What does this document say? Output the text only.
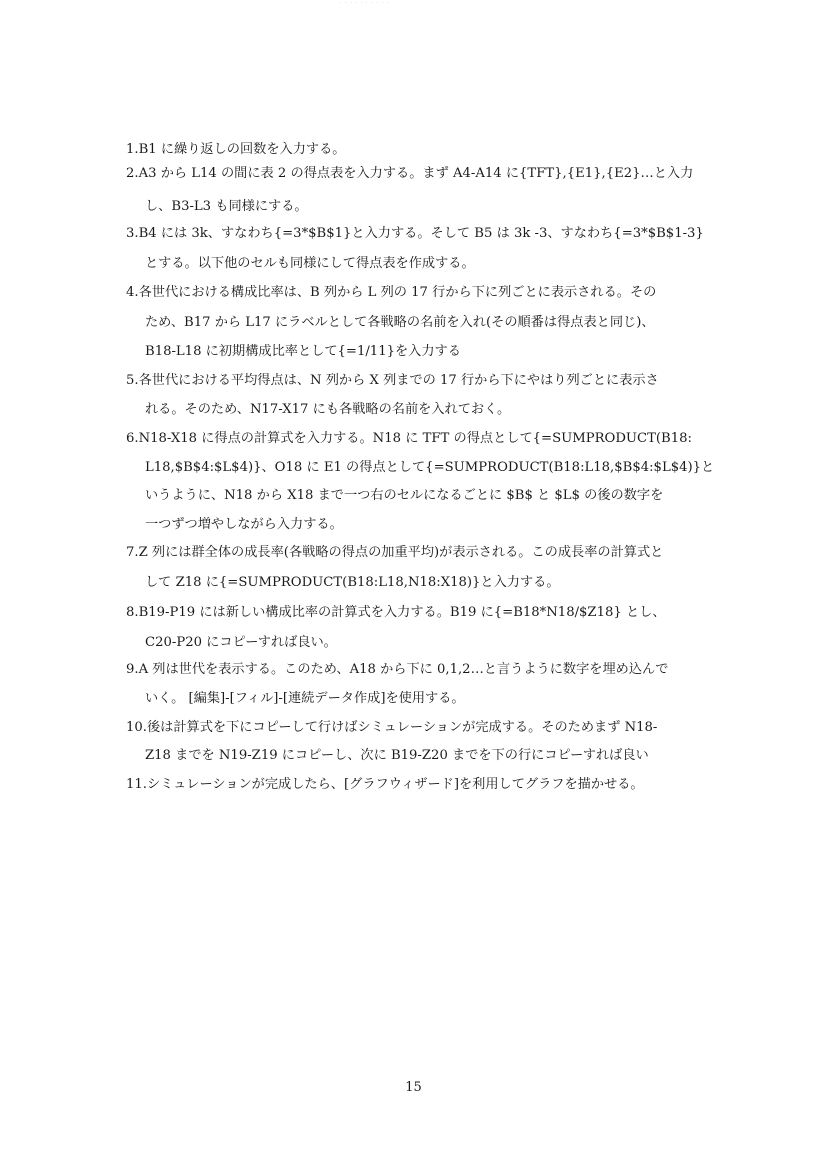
· · · · · · · · · ·
1.B1 に繰り返しの回数を入力する。
2.A3 から L14 の間に表 2 の得点表を入力する。まず A4-A14 に{TFT},{E1},{E2}…と入力
し、B3-L3 も同様にする。
3.B4 には 3k、すなわち{=3*$B$1}と入力する。そして B5 は 3k -3、すなわち{=3*$B$1-3}
とする。以下他のセルも同様にして得点表を作成する。
4.各世代における構成比率は、B 列から L 列の 17 行から下に列ごとに表示される。その
ため、B17 から L17 にラベルとして各戦略の名前を入れ(その順番は得点表と同じ)、
B18-L18 に初期構成比率として{=1/11}を入力する
5.各世代における平均得点は、N 列から X 列までの 17 行から下にやはり列ごとに表示さ
れる。そのため、N17-X17 にも各戦略の名前を入れておく。
6.N18-X18 に得点の計算式を入力する。N18 に TFT の得点として{=SUMPRODUCT(B18:
L18,$B$4:$L$4)}、O18 に E1 の得点として{=SUMPRODUCT(B18:L18,$B$4:$L$4)}と
いうように、N18 から X18 まで一つ右のセルになるごとに $B$ と $L$ の後の数字を
一つずつ増やしながら入力する。
7.Z 列には群全体の成長率(各戦略の得点の加重平均)が表示される。この成長率の計算式と
して Z18 に{=SUMPRODUCT(B18:L18,N18:X18)}と入力する。
8.B19-P19 には新しい構成比率の計算式を入力する。B19 に{=B18*N18/$Z18} とし、
C20-P20 にコピーすれば良い。
9.A 列は世代を表示する。このため、A18 から下に 0,1,2…と言うように数字を埋め込んで
いく。 [編集]-[フィル]-[連続データ作成]を使用する。
10.後は計算式を下にコピーして行けばシミュレーションが完成する。そのためまず N18-
Z18 までを N19-Z19 にコピーし、次に B19-Z20 までを下の行にコピーすれば良い
11.シミュレーションが完成したら、[グラフウィザード]を利用してグラフを描かせる。
15
